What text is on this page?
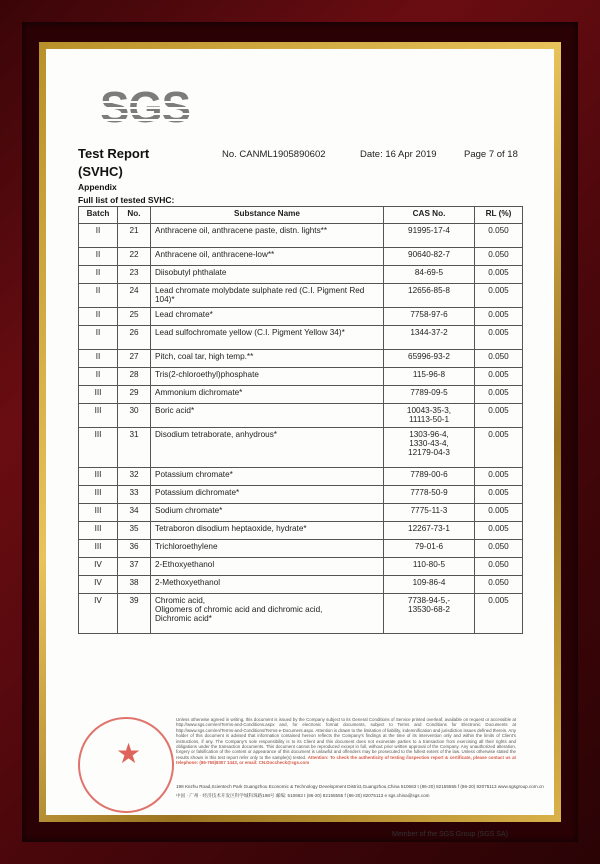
Test Report
(SVHC)
No. CANML1905890602	Date: 16 Apr 2019	Page 7 of 18
Appendix
Full list of tested SVHC:
Batch	No.	Substance Name	CAS No.	RL (%)
II	21	Anthracene oil, anthracene paste, distn. lights**	91995-17-4	0.050
II	22	Anthracene oil, anthracene-low**	90640-82-7	0.050
II	23	Diisobutyl phthalate	84-69-5	0.005
II	24	Lead chromate molybdate sulphate red (C.I. Pigment Red 104)*	12656-85-8	0.005
II	25	Lead chromate*	7758-97-6	0.005
II	26	Lead sulfochromate yellow (C.I. Pigment Yellow 34)*	1344-37-2	0.005
II	27	Pitch, coal tar, high temp.**	65996-93-2	0.050
II	28	Tris(2-chloroethyl)phosphate	115-96-8	0.005
III	29	Ammonium dichromate*	7789-09-5	0.005
III	30	Boric acid*	10043-35-3,
11113-50-1	0.005
III	31	Disodium tetraborate, anhydrous*	1303-96-4,
1330-43-4,
12179-04-3	0.005
III	32	Potassium chromate*	7789-00-6	0.005
III	33	Potassium dichromate*	7778-50-9	0.005
III	34	Sodium chromate*	7775-11-3	0.005
III	35	Tetraboron disodium heptaoxide, hydrate*	12267-73-1	0.005
III	36	Trichloroethylene	79-01-6	0.050
IV	37	2-Ethoxyethanol	110-80-5	0.050
IV	38	2-Methoxyethanol	109-86-4	0.050
IV	39	Chromic acid,
Oligomers of chromic acid and dichromic acid,
Dichromic acid*	7738-94-5,-
13530-68-2	0.005
★
Unless otherwise agreed in writing, this document is issued by the Company subject to its General Conditions of Service printed overleaf, available on request or accessible at http://www.sgs.com/en/Terms-and-Conditions.aspx and, for electronic format documents, subject to Terms and Conditions for Electronic Documents at http://www.sgs.com/en/Terms-and-Conditions/Terms-e-Document.aspx. Attention is drawn to the limitation of liability, indemnification and jurisdiction issues defined therein. Any holder of this document is advised that information contained hereon reflects the Company's findings at the time of its intervention only and within the limits of Client's instructions, if any. The Company's sole responsibility is to its Client and this document does not exonerate parties to a transaction from exercising all their rights and obligations under the transaction documents. This document cannot be reproduced except in full, without prior written approval of the Company. Any unauthorized alteration, forgery or falsification of the content or appearance of this document is unlawful and offenders may be prosecuted to the fullest extent of the law. Unless otherwise stated the results shown in this test report refer only to the sample(s) tested. Attention: To check the authenticity of testing /inspection report & certificate, please contact us at telephone: (86-755)8307 1443, or email: CN.Doccheck@sgs.com
198 Kezhu Road,Scientech Park Guangzhou Economic & Technology Development District,Guangzhou,China 510663 t (86-20) 82155555 f (86-20) 82075113 www.sgsgroup.com.cn
中国 · 广州 · 经济技术开发区科学城科珠路198号 邮编: 510663 t (86-20) 82155555 f (86-20) 82075113 e sgs.china@sgs.com
Member of the SGS Group (SGS SA)
